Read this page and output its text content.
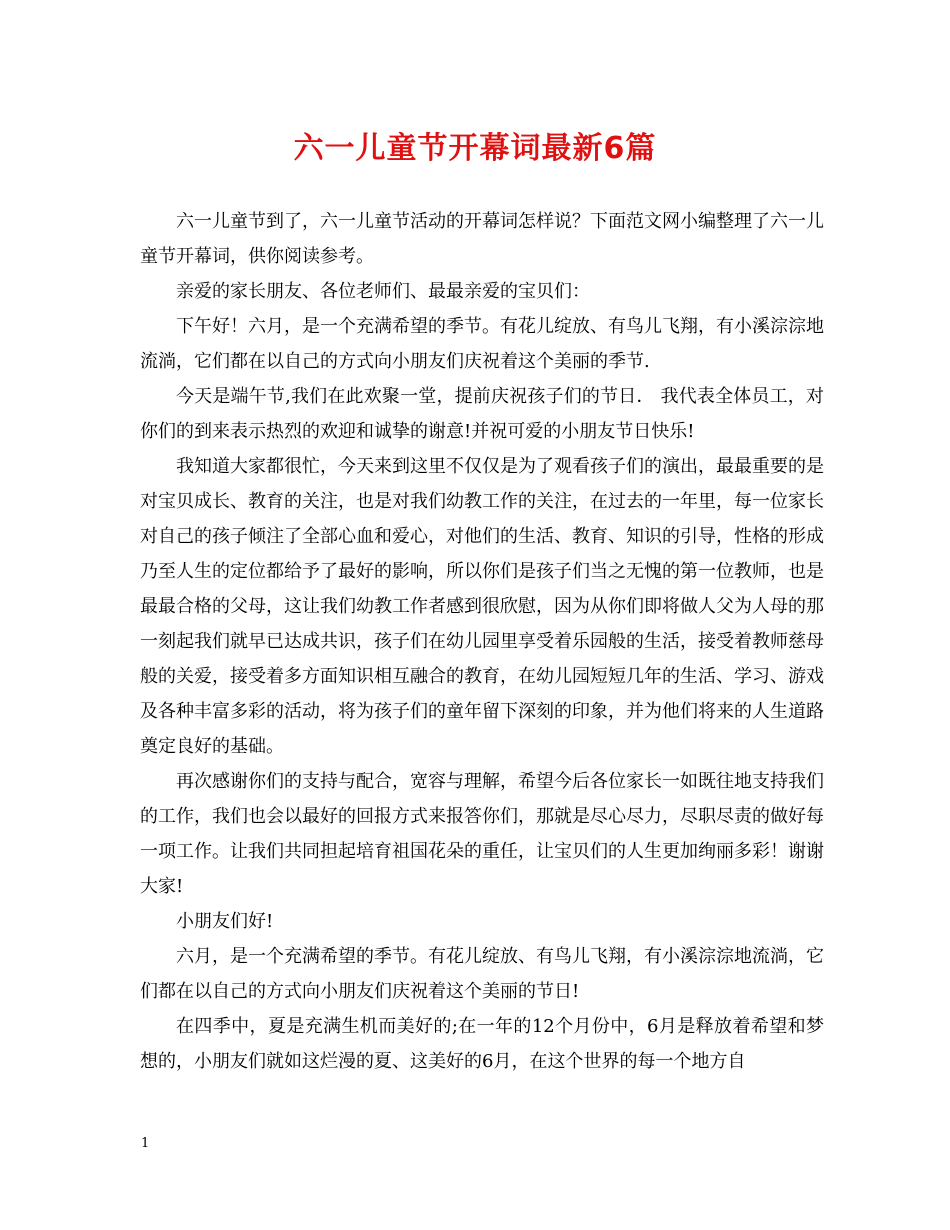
六一儿童节开幕词最新6篇

六一儿童节到了，六一儿童节活动的开幕词怎样说？下面范文网小编整理了六一儿童节开幕词，供你阅读参考。

亲爱的家长朋友、各位老师们、最最亲爱的宝贝们：

下午好！六月，是一个充满希望的季节。有花儿绽放、有鸟儿飞翔，有小溪淙淙地流淌，它们都在以自己的方式向小朋友们庆祝着这个美丽的季节.

今天是端午节,我们在此欢聚一堂，提前庆祝孩子们的节日． 我代表全体员工，对你们的到来表示热烈的欢迎和诚挚的谢意!并祝可爱的小朋友节日快乐!

我知道大家都很忙，今天来到这里不仅仅是为了观看孩子们的演出，最最重要的是对宝贝成长、教育的关注，也是对我们幼教工作的关注，在过去的一年里，每一位家长对自己的孩子倾注了全部心血和爱心，对他们的生活、教育、知识的引导，性格的形成乃至人生的定位都给予了最好的影响，所以你们是孩子们当之无愧的第一位教师，也是最最合格的父母，这让我们幼教工作者感到很欣慰，因为从你们即将做人父为人母的那一刻起我们就早已达成共识，孩子们在幼儿园里享受着乐园般的生活，接受着教师慈母般的关爱，接受着多方面知识相互融合的教育，在幼儿园短短几年的生活、学习、游戏及各种丰富多彩的活动，将为孩子们的童年留下深刻的印象，并为他们将来的人生道路奠定良好的基础。

再次感谢你们的支持与配合，宽容与理解，希望今后各位家长一如既往地支持我们的工作，我们也会以最好的回报方式来报答你们，那就是尽心尽力，尽职尽责的做好每一项工作。让我们共同担起培育祖国花朵的重任，让宝贝们的人生更加绚丽多彩！谢谢大家!

小朋友们好!

六月，是一个充满希望的季节。有花儿绽放、有鸟儿飞翔，有小溪淙淙地流淌，它们都在以自己的方式向小朋友们庆祝着这个美丽的节日!

在四季中，夏是充满生机而美好的;在一年的12个月份中，6月是释放着希望和梦想的，小朋友们就如这烂漫的夏、这美好的6月，在这个世界的每一个地方自

1
